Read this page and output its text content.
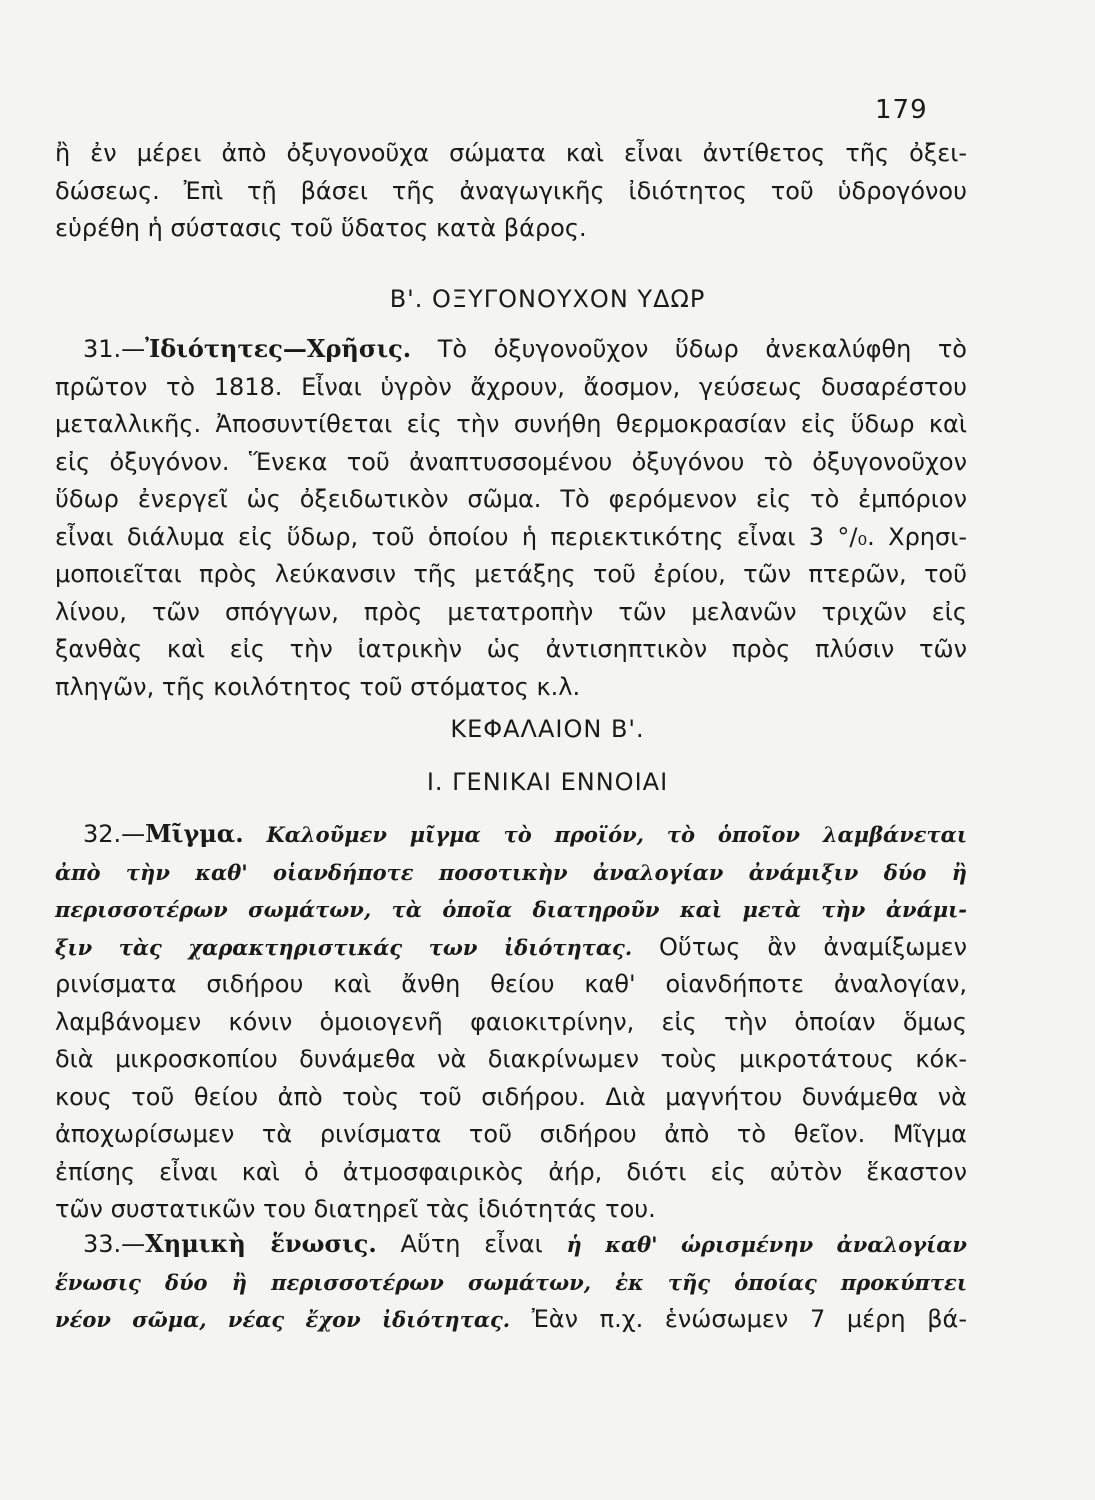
179
ἢ ἐν μέρει ἀπὸ ὀξυγονοῦχα σώματα καὶ εἶναι ἀντίθετος τῆς ὀξει-
δώσεως. Ἐπὶ τῇ βάσει τῆς ἀναγωγικῆς ἰδιότητος τοῦ ὑδρογόνου
εὑρέθη ἡ σύστασις τοῦ ὕδατος κατὰ βάρος.
Β'. ΟΞΥΓΟΝΟΥΧΟΝ ΥΔΩΡ
31.—Ἰδιότητες—Χρῆσις. Τὸ ὀξυγονοῦχον ὕδωρ ἀνεκαλύφθη τὸ
πρῶτον τὸ 1818. Εἶναι ὑγρὸν ἄχρουν, ἄοσμον, γεύσεως δυσαρέστου
μεταλλικῆς. Ἀποσυντίθεται εἰς τὴν συνήθη θερμοκρασίαν εἰς ὕδωρ καὶ
εἰς ὀξυγόνον. Ἕνεκα τοῦ ἀναπτυσσομένου ὀξυγόνου τὸ ὀξυγονοῦχον
ὕδωρ ἐνεργεῖ ὡς ὀξειδωτικὸν σῶμα. Τὸ φερόμενον εἰς τὸ ἐμπόριον
εἶναι διάλυμα εἰς ὕδωρ, τοῦ ὁποίου ἡ περιεκτικότης εἶναι 3 °/₀. Χρησι-
μοποιεῖται πρὸς λεύκανσιν τῆς μετάξης τοῦ ἐρίου, τῶν πτερῶν, τοῦ
λίνου, τῶν σπόγγων, πρὸς μετατροπὴν τῶν μελανῶν τριχῶν εἰς
ξανθὰς καὶ εἰς τὴν ἰατρικὴν ὡς ἀντισηπτικὸν πρὸς πλύσιν τῶν
πληγῶν, τῆς κοιλότητος τοῦ στόματος κ.λ.
ΚΕΦΑΛΑΙΟΝ Β'.
Ι. ΓΕΝΙΚΑΙ ΕΝΝΟΙΑΙ
32.—Μῖγμα. Καλοῦμεν μῖγμα τὸ προϊόν, τὸ ὁποῖον λαμβάνεται
ἀπὸ τὴν καθ' οἱανδήποτε ποσοτικὴν ἀναλογίαν ἀνάμιξιν δύο ἢ
περισσοτέρων σωμάτων, τὰ ὁποῖα διατηροῦν καὶ μετὰ τὴν ἀνάμι-
ξιν τὰς χαρακτηριστικάς των ἰδιότητας. Οὕτως ἂν ἀναμίξωμεν
ρινίσματα σιδήρου καὶ ἄνθη θείου καθ' οἱανδήποτε ἀναλογίαν,
λαμβάνομεν κόνιν ὁμοιογενῆ φαιοκιτρίνην, εἰς τὴν ὁποίαν ὅμως
διὰ μικροσκοπίου δυνάμεθα νὰ διακρίνωμεν τοὺς μικροτάτους κόκ-
κους τοῦ θείου ἀπὸ τοὺς τοῦ σιδήρου. Διὰ μαγνήτου δυνάμεθα νὰ
ἀποχωρίσωμεν τὰ ρινίσματα τοῦ σιδήρου ἀπὸ τὸ θεῖον. Μῖγμα
ἐπίσης εἶναι καὶ ὁ ἀτμοσφαιρικὸς ἀήρ, διότι εἰς αὐτὸν ἕκαστον
τῶν συστατικῶν του διατηρεῖ τὰς ἰδιότητάς του.
33.—Χημικὴ ἕνωσις. Αὕτη εἶναι ἡ καθ' ὡρισμένην ἀναλογίαν
ἕνωσις δύο ἢ περισσοτέρων σωμάτων, ἐκ τῆς ὁποίας προκύπτει
νέον σῶμα, νέας ἔχον ἰδιότητας. Ἐὰν π.χ. ἑνώσωμεν 7 μέρη βά-
